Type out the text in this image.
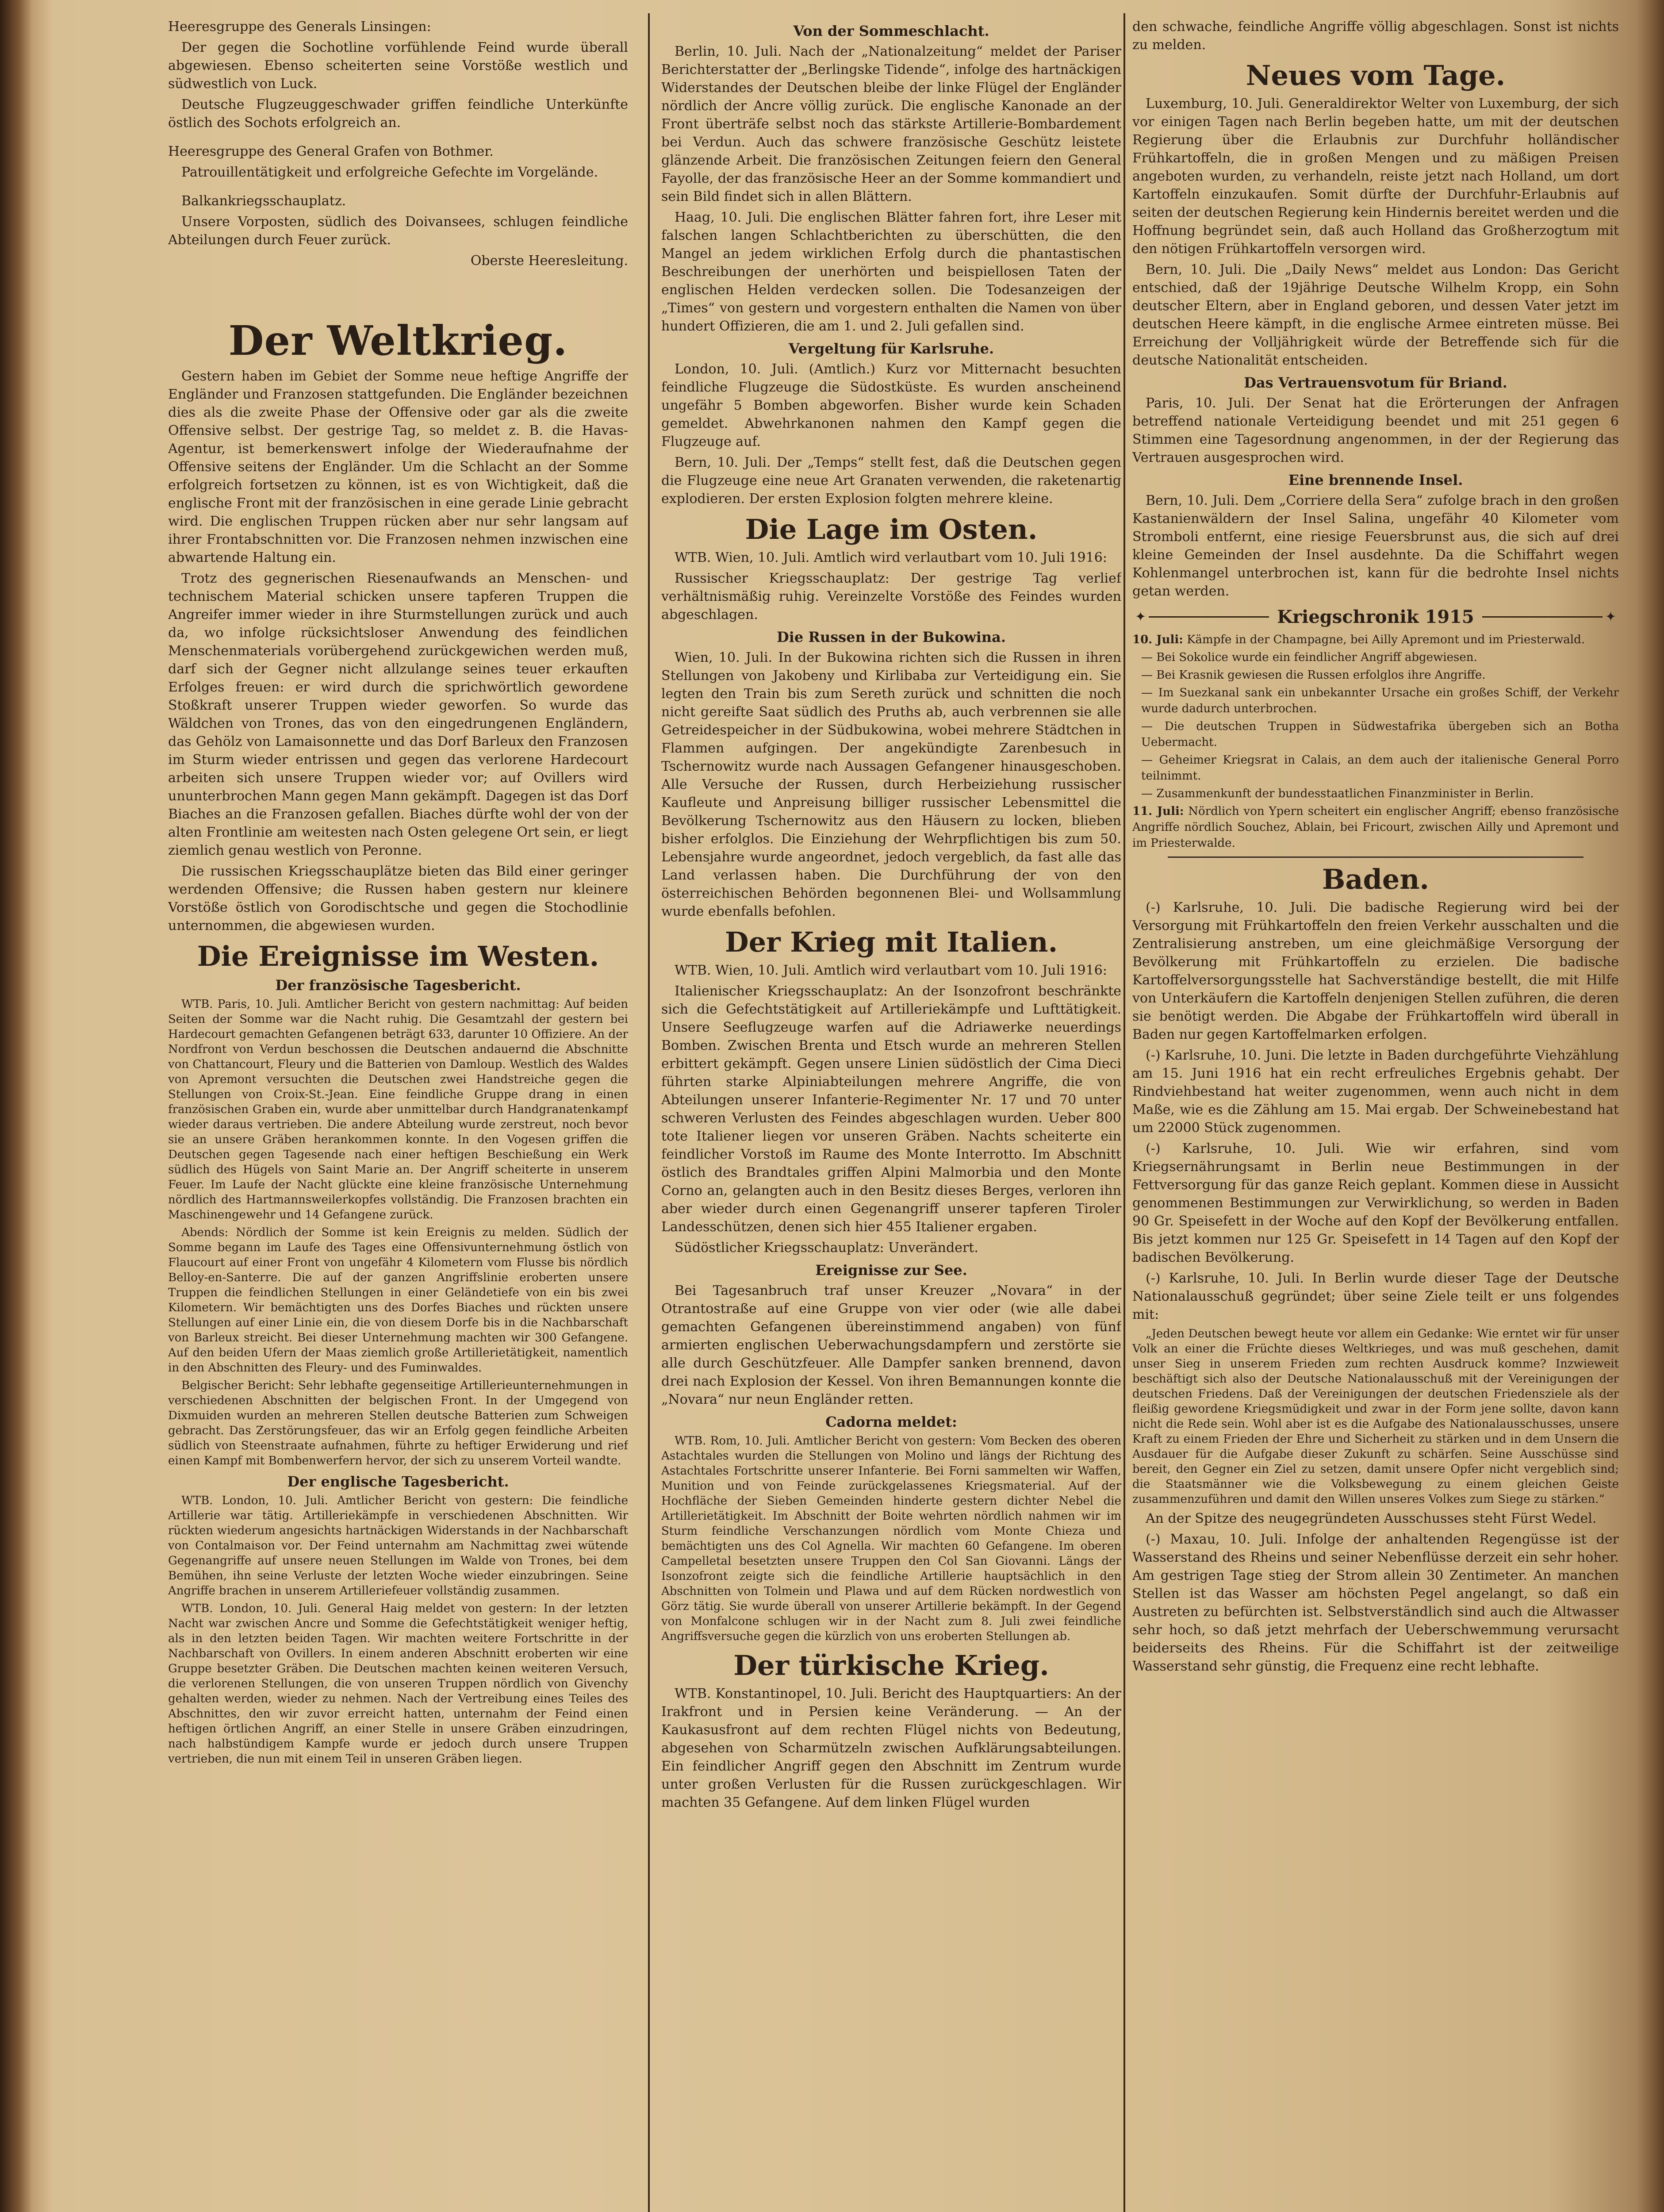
Heeresgruppe des Generals Linsingen:

Der gegen die Sochotline vorfühlende Feind wurde überall abgewiesen. Ebenso scheiterten seine Vorstöße westlich und südwestlich von Luck.

Deutsche Flugzeuggeschwader griffen feindliche Unterkünfte östlich des Sochots erfolgreich an.

Heeresgruppe des General Grafen von Bothmer.

Patrouillentätigkeit und erfolgreiche Gefechte im Vorgelände.

Balkankriegsschauplatz.

Unsere Vorposten, südlich des Doivansees, schlugen feindliche Abteilungen durch Feuer zurück.

Oberste Heeresleitung.

Der Weltkrieg.

Gestern haben im Gebiet der Somme neue heftige Angriffe der Engländer und Franzosen stattgefunden. Die Engländer bezeichnen dies als die zweite Phase der Offensive oder gar als die zweite Offensive selbst. Der gestrige Tag, so meldet z. B. die Havas-Agentur, ist bemerkenswert infolge der Wiederaufnahme der Offensive seitens der Engländer. Um die Schlacht an der Somme erfolgreich fortsetzen zu können, ist es von Wichtigkeit, daß die englische Front mit der französischen in eine gerade Linie gebracht wird. Die englischen Truppen rücken aber nur sehr langsam auf ihrer Frontabschnitten vor. Die Franzosen nehmen inzwischen eine abwartende Haltung ein.

Trotz des gegnerischen Riesenaufwands an Menschen- und technischem Material schicken unsere tapferen Truppen die Angreifer immer wieder in ihre Sturmstellungen zurück und auch da, wo infolge rücksichtsloser Anwendung des feindlichen Menschenmaterials vorübergehend zurückgewichen werden muß, darf sich der Gegner nicht allzulange seines teuer erkauften Erfolges freuen: er wird durch die sprichwörtlich gewordene Stoßkraft unserer Truppen wieder geworfen. So wurde das Wäldchen von Trones, das von den eingedrungenen Engländern, das Gehölz von Lamaisonnette und das Dorf Barleux den Franzosen im Sturm wieder entrissen und gegen das verlorene Hardecourt arbeiten sich unsere Truppen wieder vor; auf Ovillers wird ununterbrochen Mann gegen Mann gekämpft. Dagegen ist das Dorf Biaches an die Franzosen gefallen. Biaches dürfte wohl der von der alten Frontlinie am weitesten nach Osten gelegene Ort sein, er liegt ziemlich genau westlich von Peronne.

Die russischen Kriegsschauplätze bieten das Bild einer geringer werdenden Offensive; die Russen haben gestern nur kleinere Vorstöße östlich von Gorodischtsche und gegen die Stochodlinie unternommen, die abgewiesen wurden.

Die Ereignisse im Westen.
Der französische Tagesbericht.

WTB. Paris, 10. Juli. Amtlicher Bericht von gestern nachmittag: Auf beiden Seiten der Somme war die Nacht ruhig. Die Gesamtzahl der gestern bei Hardecourt gemachten Gefangenen beträgt 633, darunter 10 Offiziere. An der Nordfront von Verdun beschossen die Deutschen andauernd die Abschnitte von Chattancourt, Fleury und die Batterien von Damloup. Westlich des Waldes von Apremont versuchten die Deutschen zwei Handstreiche gegen die Stellungen von Croix-St.-Jean. Eine feindliche Gruppe drang in einen französischen Graben ein, wurde aber unmittelbar durch Handgranatenkampf wieder daraus vertrieben. Die andere Abteilung wurde zerstreut, noch bevor sie an unsere Gräben herankommen konnte. In den Vogesen griffen die Deutschen gegen Tagesende nach einer heftigen Beschießung ein Werk südlich des Hügels von Saint Marie an. Der Angriff scheiterte in unserem Feuer. Im Laufe der Nacht glückte eine kleine französische Unternehmung nördlich des Hartmannsweilerkopfes vollständig. Die Franzosen brachten ein Maschinengewehr und 14 Gefangene zurück.

Abends: Nördlich der Somme ist kein Ereignis zu melden. Südlich der Somme begann im Laufe des Tages eine Offensivunternehmung östlich von Flaucourt auf einer Front von ungefähr 4 Kilometern vom Flusse bis nördlich Belloy-en-Santerre. Die auf der ganzen Angriffslinie eroberten unsere Truppen die feindlichen Stellungen in einer Geländetiefe von ein bis zwei Kilometern. Wir bemächtigten uns des Dorfes Biaches und rückten unsere Stellungen auf einer Linie ein, die von diesem Dorfe bis in die Nachbarschaft von Barleux streicht. Bei dieser Unternehmung machten wir 300 Gefangene. Auf den beiden Ufern der Maas ziemlich große Artillerietätigkeit, namentlich in den Abschnitten des Fleury- und des Fuminwaldes.

Belgischer Bericht: Sehr lebhafte gegenseitige Artillerieunternehmungen in verschiedenen Abschnitten der belgischen Front. In der Umgegend von Dixmuiden wurden an mehreren Stellen deutsche Batterien zum Schweigen gebracht. Das Zerstörungsfeuer, das wir an Erfolg gegen feindliche Arbeiten südlich von Steenstraate aufnahmen, führte zu heftiger Erwiderung und rief einen Kampf mit Bombenwerfern hervor, der sich zu unserem Vorteil wandte.

Der englische Tagesbericht.

WTB. London, 10. Juli. Amtlicher Bericht von gestern: Die feindliche Artillerie war tätig. Artilleriekämpfe in verschiedenen Abschnitten. Wir rückten wiederum angesichts hartnäckigen Widerstands in der Nachbarschaft von Contalmaison vor. Der Feind unternahm am Nachmittag zwei wütende Gegenangriffe auf unsere neuen Stellungen im Walde von Trones, bei dem Bemühen, ihn seine Verluste der letzten Woche wieder einzubringen. Seine Angriffe brachen in unserem Artilleriefeuer vollständig zusammen.

WTB. London, 10. Juli. General Haig meldet von gestern: In der letzten Nacht war zwischen Ancre und Somme die Gefechtstätigkeit weniger heftig, als in den letzten beiden Tagen. Wir machten weitere Fortschritte in der Nachbarschaft von Ovillers. In einem anderen Abschnitt eroberten wir eine Gruppe besetzter Gräben. Die Deutschen machten keinen weiteren Versuch, die verlorenen Stellungen, die von unseren Truppen nördlich von Givenchy gehalten werden, wieder zu nehmen. Nach der Vertreibung eines Teiles des Abschnittes, den wir zuvor erreicht hatten, unternahm der Feind einen heftigen örtlichen Angriff, an einer Stelle in unsere Gräben einzudringen, nach halbstündigem Kampfe wurde er jedoch durch unsere Truppen vertrieben, die nun mit einem Teil in unseren Gräben liegen.

Von der Sommeschlacht.

Berlin, 10. Juli. Nach der „Nationalzeitung“ meldet der Pariser Berichterstatter der „Berlingske Tidende“, infolge des hartnäckigen Widerstandes der Deutschen bleibe der linke Flügel der Engländer nördlich der Ancre völlig zurück. Die englische Kanonade an der Front überträfe selbst noch das stärkste Artillerie-Bombardement bei Verdun. Auch das schwere französische Geschütz leistete glänzende Arbeit. Die französischen Zeitungen feiern den General Fayolle, der das französische Heer an der Somme kommandiert und sein Bild findet sich in allen Blättern.

Haag, 10. Juli. Die englischen Blätter fahren fort, ihre Leser mit falschen langen Schlachtberichten zu überschütten, die den Mangel an jedem wirklichen Erfolg durch die phantastischen Beschreibungen der unerhörten und beispiellosen Taten der englischen Helden verdecken sollen. Die Todesanzeigen der „Times“ von gestern und vorgestern enthalten die Namen von über hundert Offizieren, die am 1. und 2. Juli gefallen sind.

Vergeltung für Karlsruhe.

London, 10. Juli. (Amtlich.) Kurz vor Mitternacht besuchten feindliche Flugzeuge die Südostküste. Es wurden anscheinend ungefähr 5 Bomben abgeworfen. Bisher wurde kein Schaden gemeldet. Abwehrkanonen nahmen den Kampf gegen die Flugzeuge auf.

Bern, 10. Juli. Der „Temps“ stellt fest, daß die Deutschen gegen die Flugzeuge eine neue Art Granaten verwenden, die raketenartig explodieren. Der ersten Explosion folgten mehrere kleine.

Die Lage im Osten.

WTB. Wien, 10. Juli. Amtlich wird verlautbart vom 10. Juli 1916:

Russischer Kriegsschauplatz: Der gestrige Tag verlief verhältnismäßig ruhig. Vereinzelte Vorstöße des Feindes wurden abgeschlagen.

Die Russen in der Bukowina.

Wien, 10. Juli. In der Bukowina richten sich die Russen in ihren Stellungen von Jakobeny und Kirlibaba zur Verteidigung ein. Sie legten den Train bis zum Sereth zurück und schnitten die noch nicht gereifte Saat südlich des Pruths ab, auch verbrennen sie alle Getreidespeicher in der Südbukowina, wobei mehrere Städtchen in Flammen aufgingen. Der angekündigte Zarenbesuch in Tschernowitz wurde nach Aussagen Gefangener hinausgeschoben. Alle Versuche der Russen, durch Herbeiziehung russischer Kaufleute und Anpreisung billiger russischer Lebensmittel die Bevölkerung Tschernowitz aus den Häusern zu locken, blieben bisher erfolglos. Die Einziehung der Wehrpflichtigen bis zum 50. Lebensjahre wurde angeordnet, jedoch vergeblich, da fast alle das Land verlassen haben. Die Durchführung der von den österreichischen Behörden begonnenen Blei- und Wollsammlung wurde ebenfalls befohlen.

Der Krieg mit Italien.

WTB. Wien, 10. Juli. Amtlich wird verlautbart vom 10. Juli 1916:

Italienischer Kriegsschauplatz: An der Isonzofront beschränkte sich die Gefechtstätigkeit auf Artilleriekämpfe und Lufttätigkeit. Unsere Seeflugzeuge warfen auf die Adriawerke neuerdings Bomben. Zwischen Brenta und Etsch wurde an mehreren Stellen erbittert gekämpft. Gegen unsere Linien südöstlich der Cima Dieci führten starke Alpiniabteilungen mehrere Angriffe, die von Abteilungen unserer Infanterie-Regimenter Nr. 17 und 70 unter schweren Verlusten des Feindes abgeschlagen wurden. Ueber 800 tote Italiener liegen vor unseren Gräben. Nachts scheiterte ein feindlicher Vorstoß im Raume des Monte Interrotto. Im Abschnitt östlich des Brandtales griffen Alpini Malmorbia und den Monte Corno an, gelangten auch in den Besitz dieses Berges, verloren ihn aber wieder durch einen Gegenangriff unserer tapferen Tiroler Landesschützen, denen sich hier 455 Italiener ergaben.

Südöstlicher Kriegsschauplatz: Unverändert.

Ereignisse zur See.

Bei Tagesanbruch traf unser Kreuzer „Novara“ in der Otrantostraße auf eine Gruppe von vier oder (wie alle dabei gemachten Gefangenen übereinstimmend angaben) von fünf armierten englischen Ueberwachungsdampfern und zerstörte sie alle durch Geschützfeuer. Alle Dampfer sanken brennend, davon drei nach Explosion der Kessel. Von ihren Bemannungen konnte die „Novara“ nur neun Engländer retten.

Cadorna meldet:

WTB. Rom, 10. Juli. Amtlicher Bericht von gestern: Vom Becken des oberen Astachtales wurden die Stellungen von Molino und längs der Richtung des Astachtales Fortschritte unserer Infanterie. Bei Forni sammelten wir Waffen, Munition und von Feinde zurückgelassenes Kriegsmaterial. Auf der Hochfläche der Sieben Gemeinden hinderte gestern dichter Nebel die Artillerietätigkeit. Im Abschnitt der Boite wehrten nördlich nahmen wir im Sturm feindliche Verschanzungen nördlich vom Monte Chieza und bemächtigten uns des Col Agnella. Wir machten 60 Gefangene. Im oberen Campelletal besetzten unsere Truppen den Col San Giovanni. Längs der Isonzofront zeigte sich die feindliche Artillerie hauptsächlich in den Abschnitten von Tolmein und Plawa und auf dem Rücken nordwestlich von Görz tätig. Sie wurde überall von unserer Artillerie bekämpft. In der Gegend von Monfalcone schlugen wir in der Nacht zum 8. Juli zwei feindliche Angriffsversuche gegen die kürzlich von uns eroberten Stellungen ab.

Der türkische Krieg.

WTB. Konstantinopel, 10. Juli. Bericht des Hauptquartiers: An der Irakfront und in Persien keine Veränderung. — An der Kaukasusfront auf dem rechten Flügel nichts von Bedeutung, abgesehen von Scharmützeln zwischen Aufklärungsabteilungen. Ein feindlicher Angriff gegen den Abschnitt im Zentrum wurde unter großen Verlusten für die Russen zurückgeschlagen. Wir machten 35 Gefangene. Auf dem linken Flügel wurden

den schwache, feindliche Angriffe völlig abgeschlagen. Sonst ist nichts zu melden.

Neues vom Tage.

Luxemburg, 10. Juli. Generaldirektor Welter von Luxemburg, der sich vor einigen Tagen nach Berlin begeben hatte, um mit der deutschen Regierung über die Erlaubnis zur Durchfuhr holländischer Frühkartoffeln, die in großen Mengen und zu mäßigen Preisen angeboten wurden, zu verhandeln, reiste jetzt nach Holland, um dort Kartoffeln einzukaufen. Somit dürfte der Durchfuhr-Erlaubnis auf seiten der deutschen Regierung kein Hindernis bereitet werden und die Hoffnung begründet sein, daß auch Holland das Großherzogtum mit den nötigen Frühkartoffeln versorgen wird.

Bern, 10. Juli. Die „Daily News“ meldet aus London: Das Gericht entschied, daß der 19jährige Deutsche Wilhelm Kropp, ein Sohn deutscher Eltern, aber in England geboren, und dessen Vater jetzt im deutschen Heere kämpft, in die englische Armee eintreten müsse. Bei Erreichung der Volljährigkeit würde der Betreffende sich für die deutsche Nationalität entscheiden.

Das Vertrauensvotum für Briand.

Paris, 10. Juli. Der Senat hat die Erörterungen der Anfragen betreffend nationale Verteidigung beendet und mit 251 gegen 6 Stimmen eine Tagesordnung angenommen, in der der Regierung das Vertrauen ausgesprochen wird.

Eine brennende Insel.

Bern, 10. Juli. Dem „Corriere della Sera“ zufolge brach in den großen Kastanienwäldern der Insel Salina, ungefähr 40 Kilometer vom Stromboli entfernt, eine riesige Feuersbrunst aus, die sich auf drei kleine Gemeinden der Insel ausdehnte. Da die Schiffahrt wegen Kohlenmangel unterbrochen ist, kann für die bedrohte Insel nichts getan werden.

✦	Kriegschronik 1915	✦

10. Juli: Kämpfe in der Champagne, bei Ailly Apremont und im Priesterwald.

— Bei Sokolice wurde ein feindlicher Angriff abgewiesen.

— Bei Krasnik gewiesen die Russen erfolglos ihre Angriffe.

— Im Suezkanal sank ein unbekannter Ursache ein großes Schiff, der Verkehr wurde dadurch unterbrochen.

— Die deutschen Truppen in Südwestafrika übergeben sich an Botha Uebermacht.

— Geheimer Kriegsrat in Calais, an dem auch der italienische General Porro teilnimmt.

— Zusammenkunft der bundesstaatlichen Finanzminister in Berlin.

11. Juli: Nördlich von Ypern scheitert ein englischer Angriff; ebenso französische Angriffe nördlich Souchez, Ablain, bei Fricourt, zwischen Ailly und Apremont und im Priesterwalde.

Baden.

(-) Karlsruhe, 10. Juli. Die badische Regierung wird bei der Versorgung mit Frühkartoffeln den freien Verkehr ausschalten und die Zentralisierung anstreben, um eine gleichmäßige Versorgung der Bevölkerung mit Frühkartoffeln zu erzielen. Die badische Kartoffelversorgungsstelle hat Sachverständige bestellt, die mit Hilfe von Unterkäufern die Kartoffeln denjenigen Stellen zuführen, die deren sie benötigt werden. Die Abgabe der Frühkartoffeln wird überall in Baden nur gegen Kartoffelmarken erfolgen.

(-) Karlsruhe, 10. Juni. Die letzte in Baden durchgeführte Viehzählung am 15. Juni 1916 hat ein recht erfreuliches Ergebnis gehabt. Der Rindviehbestand hat weiter zugenommen, wenn auch nicht in dem Maße, wie es die Zählung am 15. Mai ergab. Der Schweinebestand hat um 22000 Stück zugenommen.

(-) Karlsruhe, 10. Juli. Wie wir erfahren, sind vom Kriegsernährungsamt in Berlin neue Bestimmungen in der Fettversorgung für das ganze Reich geplant. Kommen diese in Aussicht genommenen Bestimmungen zur Verwirklichung, so werden in Baden 90 Gr. Speisefett in der Woche auf den Kopf der Bevölkerung entfallen. Bis jetzt kommen nur 125 Gr. Speisefett in 14 Tagen auf den Kopf der badischen Bevölkerung.

(-) Karlsruhe, 10. Juli. In Berlin wurde dieser Tage der Deutsche Nationalausschuß gegründet; über seine Ziele teilt er uns folgendes mit:

„Jeden Deutschen bewegt heute vor allem ein Gedanke: Wie erntet wir für unser Volk an einer die Früchte dieses Weltkrieges, und was muß geschehen, damit unser Sieg in unserem Frieden zum rechten Ausdruck komme? Inzwieweit beschäftigt sich also der Deutsche Nationalausschuß mit der Vereinigungen der deutschen Friedens. Daß der Vereinigungen der deutschen Friedensziele als der fleißig gewordene Kriegsmüdigkeit und zwar in der Form jene sollte, davon kann nicht die Rede sein. Wohl aber ist es die Aufgabe des Nationalausschusses, unsere Kraft zu einem Frieden der Ehre und Sicherheit zu stärken und in dem Unsern die Ausdauer für die Aufgabe dieser Zukunft zu schärfen. Seine Ausschüsse sind bereit, den Gegner ein Ziel zu setzen, damit unsere Opfer nicht vergeblich sind; die Staatsmänner wie die Volksbewegung zu einem gleichen Geiste zusammenzuführen und damit den Willen unseres Volkes zum Siege zu stärken.“

An der Spitze des neugegründeten Ausschusses steht Fürst Wedel.

(-) Maxau, 10. Juli. Infolge der anhaltenden Regengüsse ist der Wasserstand des Rheins und seiner Nebenflüsse derzeit ein sehr hoher. Am gestrigen Tage stieg der Strom allein 30 Zentimeter. An manchen Stellen ist das Wasser am höchsten Pegel angelangt, so daß ein Austreten zu befürchten ist. Selbstverständlich sind auch die Altwasser sehr hoch, so daß jetzt mehrfach der Ueberschwemmung verursacht beiderseits des Rheins. Für die Schiffahrt ist der zeitweilige Wasserstand sehr günstig, die Frequenz eine recht lebhafte.
